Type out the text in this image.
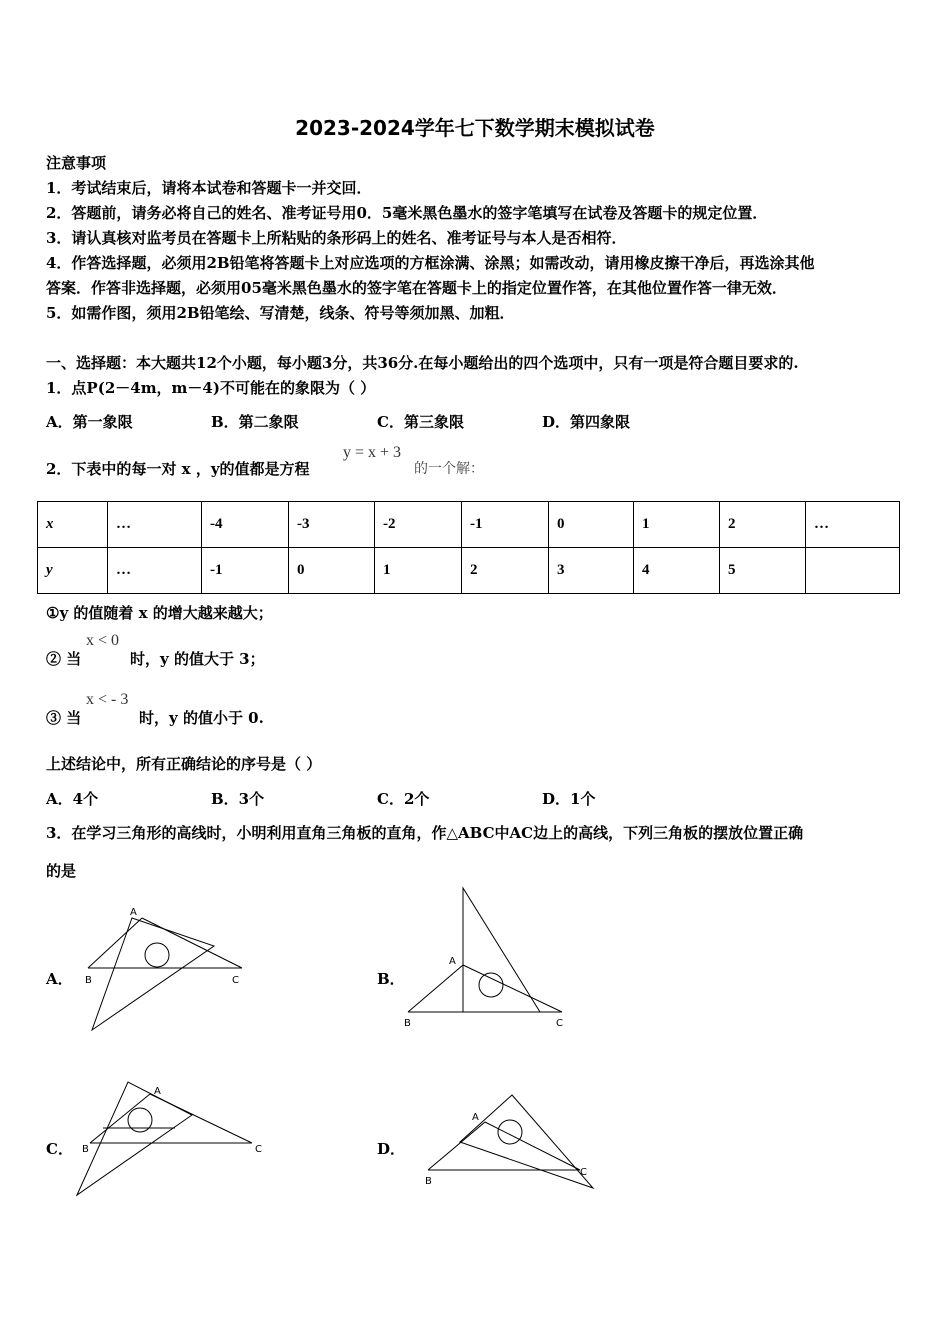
2023-2024学年七下数学期末模拟试卷
注意事项
1．考试结束后，请将本试卷和答题卡一并交回．
2．答题前，请务必将自己的姓名、准考证号用0．5毫米黑色墨水的签字笔填写在试卷及答题卡的规定位置．
3．请认真核对监考员在答题卡上所粘贴的条形码上的姓名、准考证号与本人是否相符．
4．作答选择题，必须用2B铅笔将答题卡上对应选项的方框涂满、涂黑；如需改动，请用橡皮擦干净后，再选涂其他
答案．作答非选择题，必须用05毫米黑色墨水的签字笔在答题卡上的指定位置作答，在其他位置作答一律无效．
5．如需作图，须用2B铅笔绘、写清楚，线条、符号等须加黑、加粗．
一、选择题：本大题共12个小题，每小题3分，共36分.在每小题给出的四个选项中，只有一项是符合题目要求的.
1．点P(2－4m，m－4)不可能在的象限为（ ）
A．第一象限	B．第二象限	C．第三象限	D．第四象限
2．下表中的每一对 x ，y的值都是方程
y = x + 3
的一个解：
x	…	-4	-3	-2	-1	0	1	2	…
y	…	-1	0	1	2	3	4	5	
①y 的值随着 x 的增大越来越大；
② 当
x < 0
时，y 的值大于 3；
③ 当
x < - 3
时，y 的值小于 0.
上述结论中，所有正确结论的序号是（ ）
A．4个	B．3个	C．2个	D．1个
3．在学习三角形的高线时，小明利用直角三角板的直角，作△ABC中AC边上的高线，下列三角板的摆放位置正确
的是
A．	B．
C．	D．
A
B	C
A
B	C
A
B	C
A
B
C
